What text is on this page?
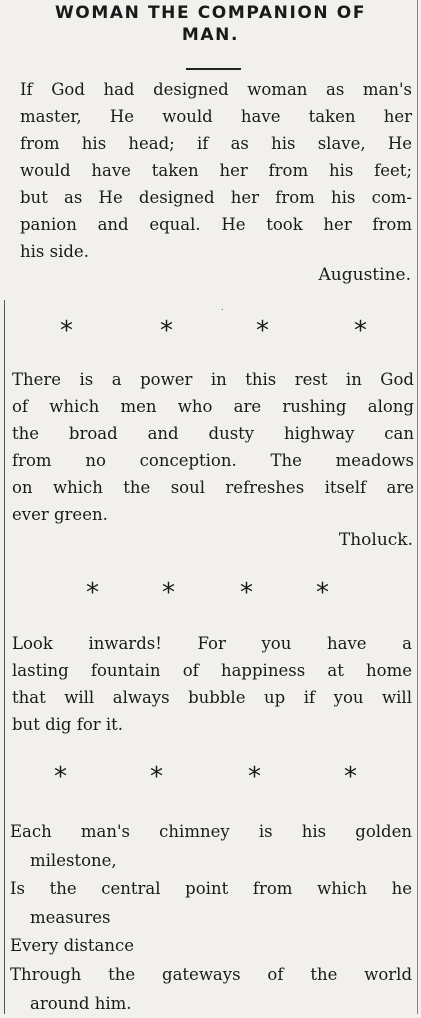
WOMAN THE COMPANION OF
MAN.
If God had designed woman as man's
master, He would have taken her
from his head; if as his slave, He
would have taken her from his feet;
but as He designed her from his com-
panion and equal. He took her from
his side.
Augustine.
˙
*	*	*	*
There is a power in this rest in God
of which men who are rushing along
the broad and dusty highway can
from no conception. The meadows
on which the soul refreshes itself are
ever green.
Tholuck.
* *	* *
Look inwards! For you have a
lasting fountain of happiness at home
that will always bubble up if you will
but dig for it.
*	*	*	*
Each man's chimney is his golden
milestone,
Is the central point from which he
measures
Every distance
Through the gateways of the world
around him.
